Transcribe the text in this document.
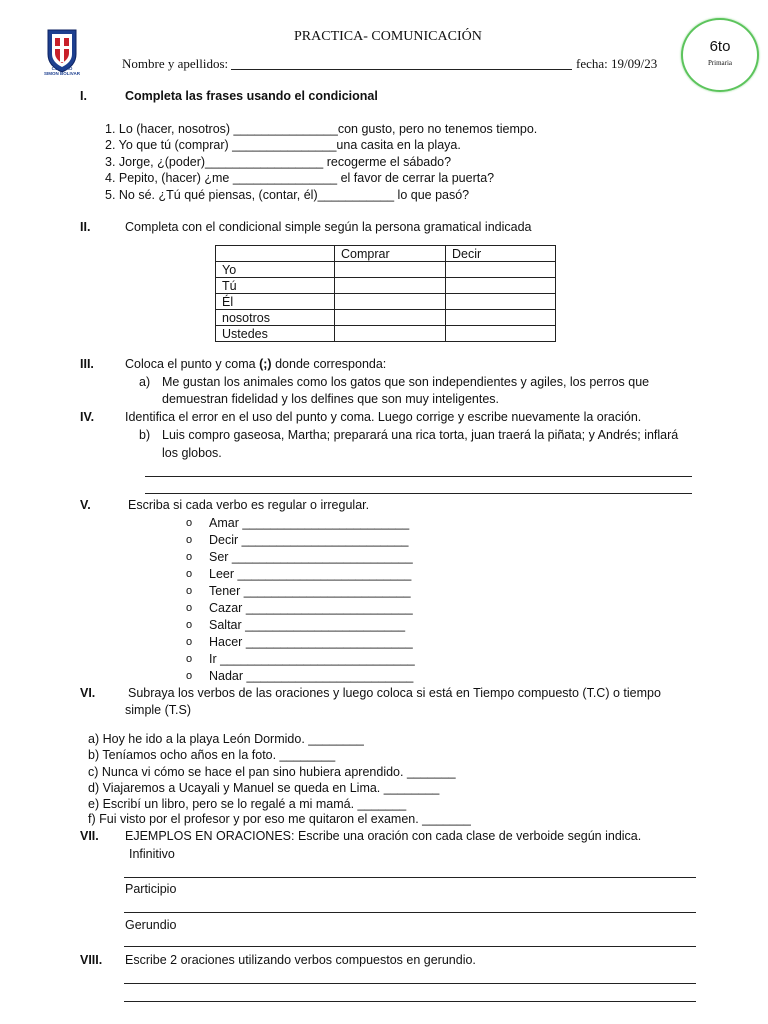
COLEGIO
SIMON BOLIVAR
PRACTICA- COMUNICACIÓN
Nombre y apellidos:	fecha: 19/09/23
6to
Primaria
I.	Completa las frases usando el condicional
1. Lo (hacer, nosotros) _______________con gusto, pero no tenemos tiempo.
2. Yo que tú (comprar) _______________una casita en la playa.
3. Jorge, ¿(poder)_________________ recogerme el sábado?
4. Pepito, (hacer) ¿me _______________ el favor de cerrar la puerta?
5. No sé. ¿Tú qué piensas, (contar, él)___________ lo que pasó?
II.	Completa con el condicional simple según la persona gramatical indicada
	Comprar	Decir
Yo		
Tú		
Él		
nosotros		
Ustedes		
III. Coloca el punto y coma (;) donde corresponda:
a) Me gustan los animales como los gatos que son independientes y agiles, los perros que
demuestran fidelidad y los delfines que son muy inteligentes.
IV. Identifica el error en el uso del punto y coma. Luego corrige y escribe nuevamente la oración.
b) Luis compro gaseosa, Martha; preparará una rica torta, juan traerá la piñata; y Andrés; inflará
los globos.
V.	Escriba si cada verbo es regular o irregular.
o Amar ________________________
o Decir ________________________
o Ser __________________________
o Leer _________________________
o Tener ________________________
o Cazar ________________________
o Saltar _______________________
o Hacer ________________________
o Ir ____________________________
o Nadar ________________________
VI.	Subraya los verbos de las oraciones y luego coloca si está en Tiempo compuesto (T.C) o tiempo
simple (T.S)
a) Hoy he ido a la playa León Dormido. ________
b) Teníamos ocho años en la foto. ________
c) Nunca vi cómo se hace el pan sino hubiera aprendido. _______
d) Viajaremos a Ucayali y Manuel se queda en Lima. ________
e) Escribí un libro, pero se lo regalé a mi mamá. _______
f) Fui visto por el profesor y por eso me quitaron el examen. _______
VII. EJEMPLOS EN ORACIONES: Escribe una oración con cada clase de verboide según indica.
Infinitivo
Participio
Gerundio
VIII. Escribe 2 oraciones utilizando verbos compuestos en gerundio.
